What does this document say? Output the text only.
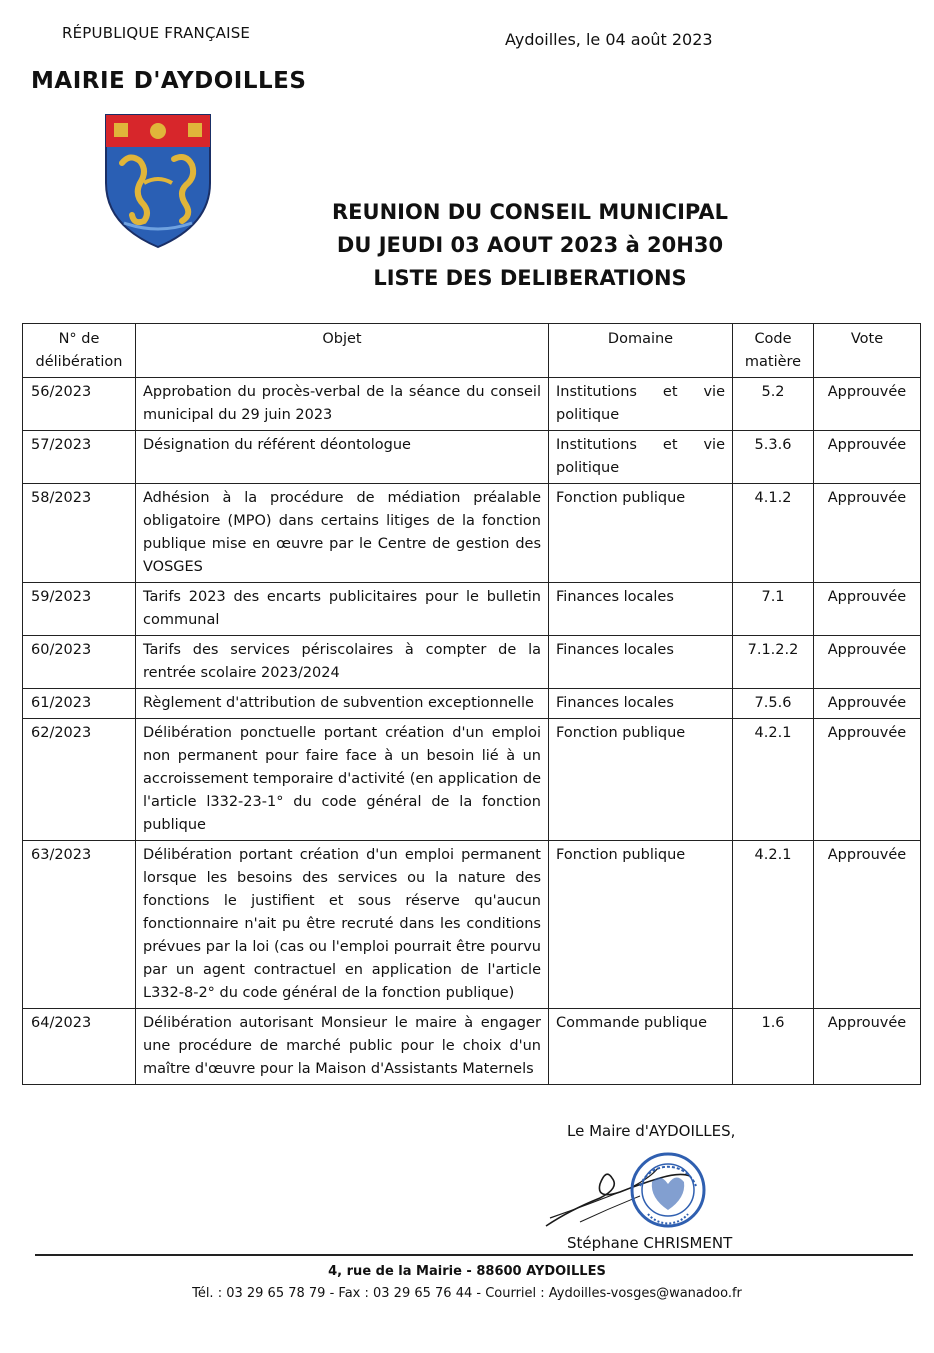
RÉPUBLIQUE FRANÇAISE	Aydoilles, le 04 août 2023
MAIRIE D'AYDOILLES
REUNION DU CONSEIL MUNICIPAL
DU JEUDI 03 AOUT 2023 à 20H30
LISTE DES DELIBERATIONS
N° de délibération	Objet	Domaine	Code matière	Vote
56/2023	Approbation du procès-verbal de la séance du conseil municipal du 29 juin 2023	Institutions et vie politique	5.2	Approuvée
57/2023	Désignation du référent déontologue	Institutions et vie politique	5.3.6	Approuvée
58/2023	Adhésion à la procédure de médiation préalable obligatoire (MPO) dans certains litiges de la fonction publique mise en œuvre par le Centre de gestion des VOSGES	Fonction publique	4.1.2	Approuvée
59/2023	Tarifs 2023 des encarts publicitaires pour le bulletin communal	Finances locales	7.1	Approuvée
60/2023	Tarifs des services périscolaires à compter de la rentrée scolaire 2023/2024	Finances locales	7.1.2.2	Approuvée
61/2023	Règlement d'attribution de subvention exceptionnelle	Finances locales	7.5.6	Approuvée
62/2023	Délibération ponctuelle portant création d'un emploi non permanent pour faire face à un besoin lié à un accroissement temporaire d'activité (en application de l'article l332-23-1° du code général de la fonction publique	Fonction publique	4.2.1	Approuvée
63/2023	Délibération portant création d'un emploi permanent lorsque les besoins des services ou la nature des fonctions le justifient et sous réserve qu'aucun fonctionnaire n'ait pu être recruté dans les conditions prévues par la loi (cas ou l'emploi pourrait être pourvu par un agent contractuel en application de l'article L332-8-2° du code général de la fonction publique)	Fonction publique	4.2.1	Approuvée
64/2023	Délibération autorisant Monsieur le maire à engager une procédure de marché public pour le choix d'un maître d'œuvre pour la Maison d'Assistants Maternels	Commande publique	1.6	Approuvée
Le Maire d'AYDOILLES,
Stéphane CHRISMENT
4, rue de la Mairie - 88600 AYDOILLES
Tél. : 03 29 65 78 79 - Fax : 03 29 65 76 44 - Courriel : Aydoilles-vosges@wanadoo.fr
